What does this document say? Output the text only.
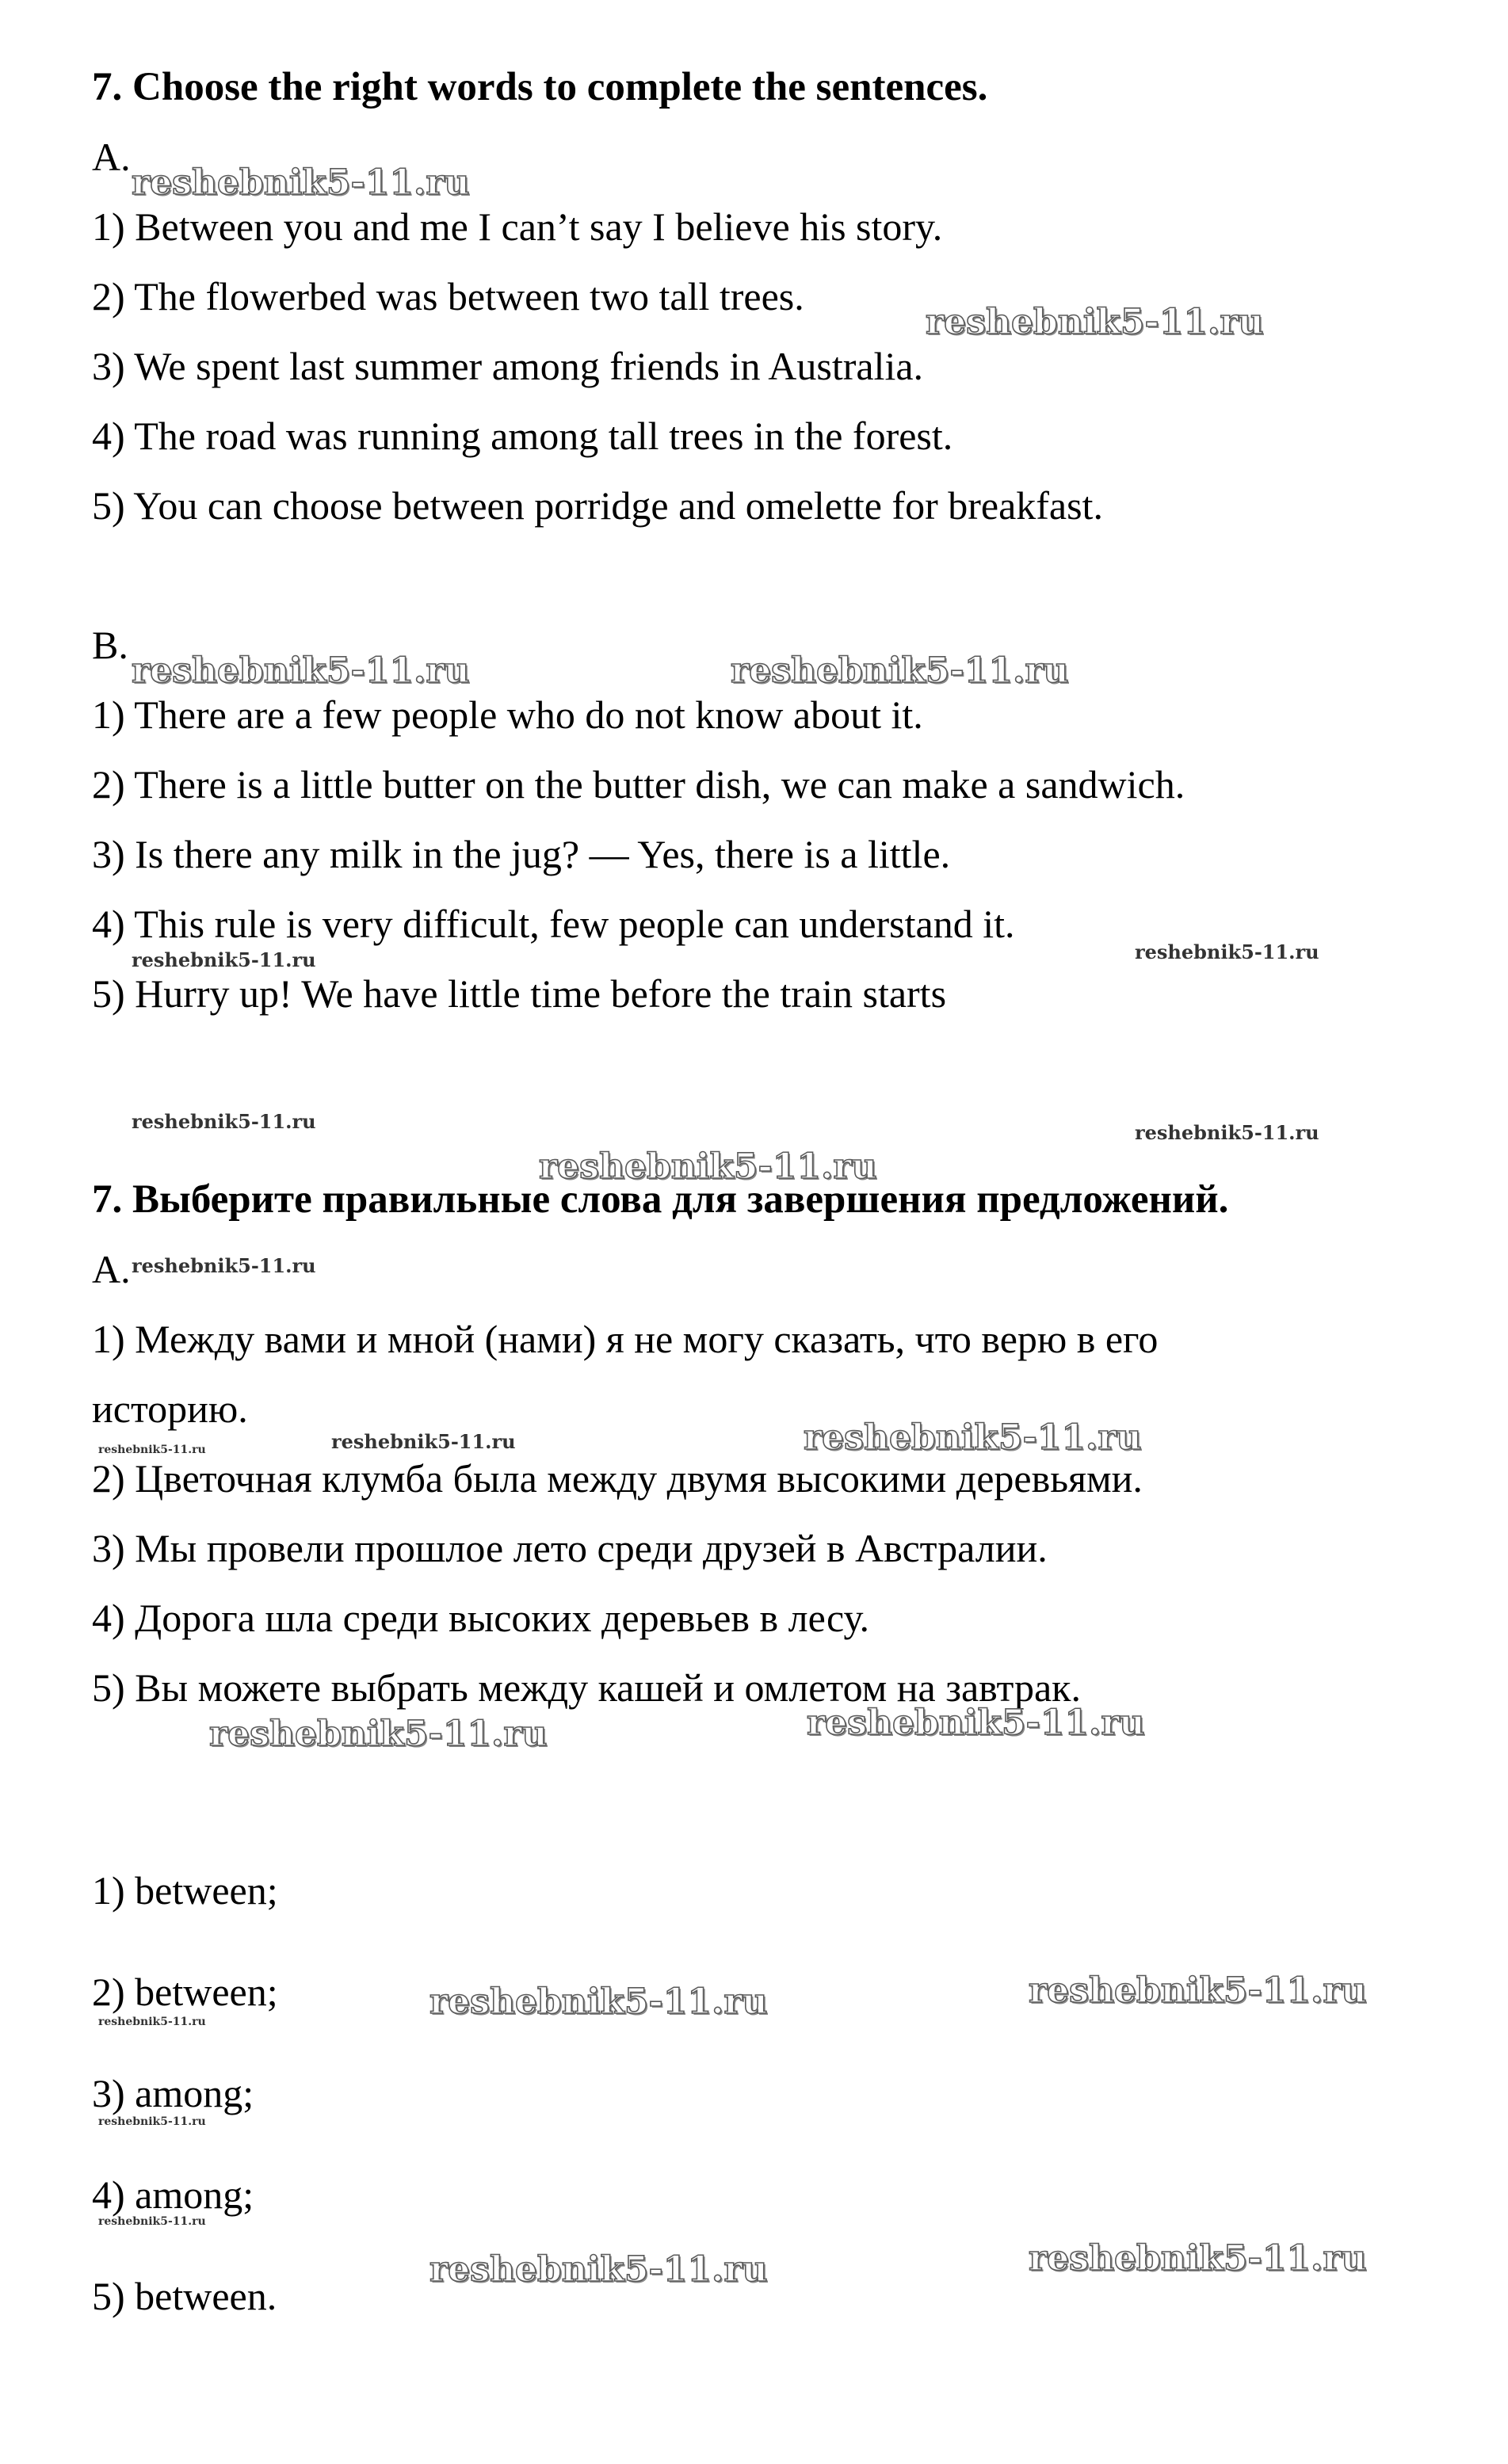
7. Choose the right words to complete the sentences.
A.
1) Between you and me I can’t say I believe his story.
2) The flowerbed was between two tall trees.
3) We spent last summer among friends in Australia.
4) The road was running among tall trees in the forest.
5) You can choose between porridge and omelette for breakfast.
B.
1) There are a few people who do not know about it.
2) There is a little butter on the butter dish, we can make a sandwich.
3) Is there any milk in the jug? — Yes, there is a little.
4) This rule is very difficult, few people can understand it.
5) Hurry up! We have little time before the train starts
7. Выберите правильные слова для завершения предложений.
A.
1) Между вами и мной (нами) я не могу сказать, что верю в его
историю.
2) Цветочная клумба была между двумя высокими деревьями.
3) Мы провели прошлое лето среди друзей в Австралии.
4) Дорога шла среди высоких деревьев в лесу.
5) Вы можете выбрать между кашей и омлетом на завтрак.
1) between;
2) between;
3) among;
4) among;
5) between.
reshebnik5-11.ru
reshebnik5-11.ru
reshebnik5-11.ru	reshebnik5-11.ru
reshebnik5-11.ru	reshebnik5-11.ru
reshebnik5-11.ru	reshebnik5-11.ru
reshebnik5-11.ru
reshebnik5-11.ru
reshebnik5-11.ru	reshebnik5-11.ru	reshebnik5-11.ru
reshebnik5-11.ru	reshebnik5-11.ru
reshebnik5-11.ru	reshebnik5-11.ru	reshebnik5-11.ru
reshebnik5-11.ru
reshebnik5-11.ru
reshebnik5-11.ru	reshebnik5-11.ru
